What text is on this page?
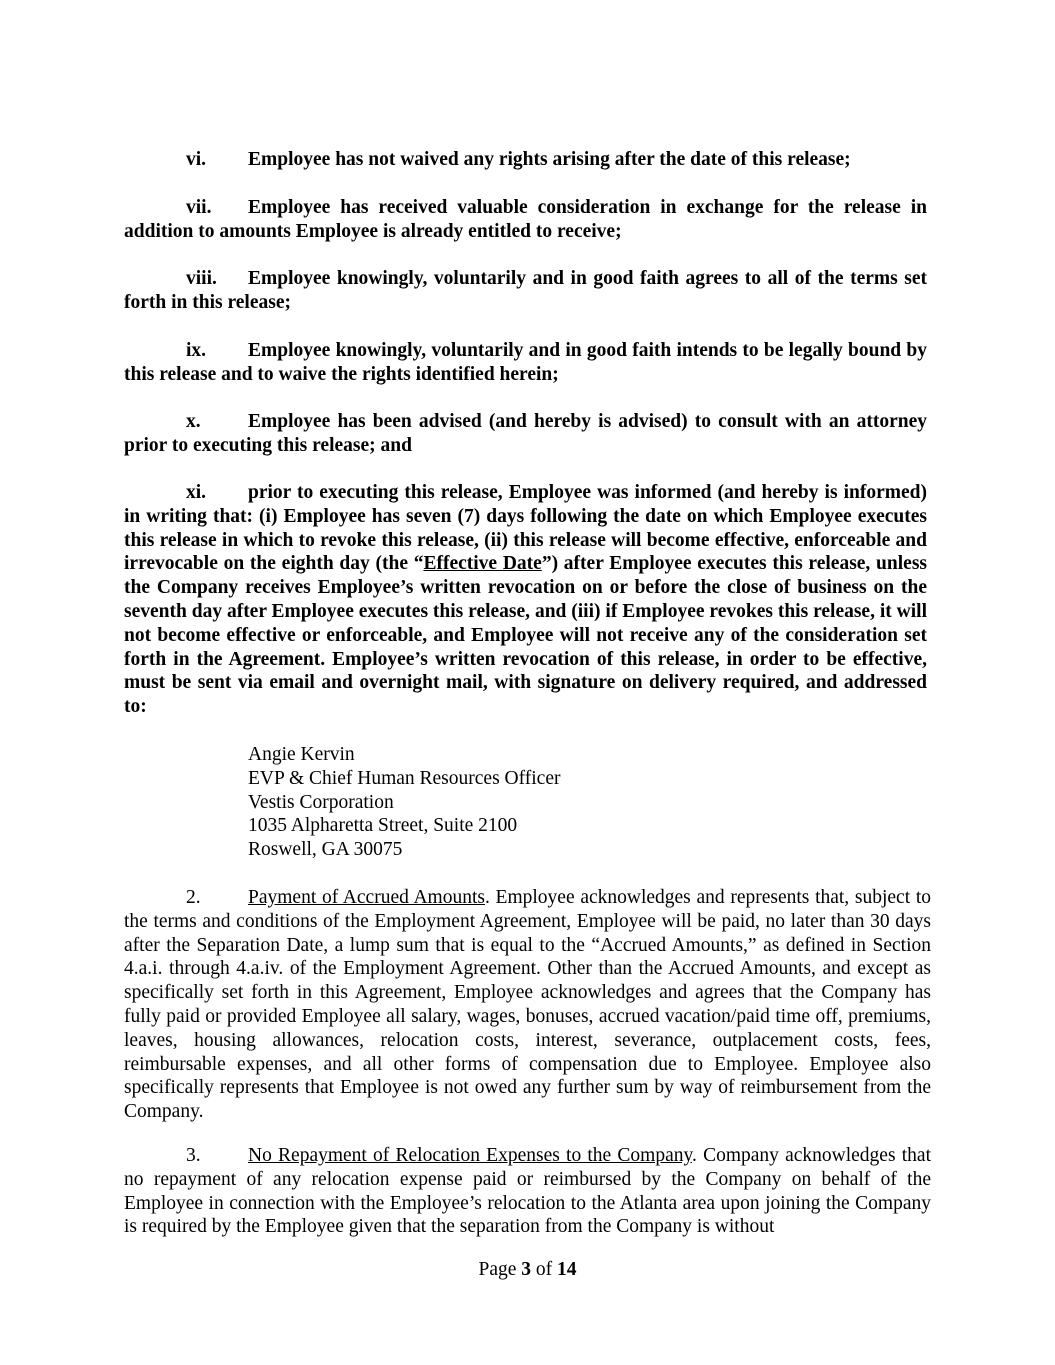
vi. Employee has not waived any rights arising after the date of this release;

vii. Employee has received valuable consideration in exchange for the release in addition to amounts Employee is already entitled to receive;

viii. Employee knowingly, voluntarily and in good faith agrees to all of the terms set forth in this release;

ix. Employee knowingly, voluntarily and in good faith intends to be legally bound by this release and to waive the rights identified herein;

x. Employee has been advised (and hereby is advised) to consult with an attorney prior to executing this release; and

xi. prior to executing this release, Employee was informed (and hereby is informed) in writing that: (i) Employee has seven (7) days following the date on which Employee executes this release in which to revoke this release, (ii) this release will become effective, enforceable and irrevocable on the eighth day (the “Effective Date”) after Employee executes this release, unless the Company receives Employee’s written revocation on or before the close of business on the seventh day after Employee executes this release, and (iii) if Employee revokes this release, it will not become effective or enforceable, and Employee will not receive any of the consideration set forth in the Agreement. Employee’s written revocation of this release, in order to be effective, must be sent via email and overnight mail, with signature on delivery required, and addressed to:

Angie Kervin
EVP & Chief Human Resources Officer
Vestis Corporation
1035 Alpharetta Street, Suite 2100
Roswell, GA 30075

2. Payment of Accrued Amounts. Employee acknowledges and represents that, subject to the terms and conditions of the Employment Agreement, Employee will be paid, no later than 30 days after the Separation Date, a lump sum that is equal to the “Accrued Amounts,” as defined in Section 4.a.i. through 4.a.iv. of the Employment Agreement. Other than the Accrued Amounts, and except as specifically set forth in this Agreement, Employee acknowledges and agrees that the Company has fully paid or provided Employee all salary, wages, bonuses, accrued vacation/paid time off, premiums, leaves, housing allowances, relocation costs, interest, severance, outplacement costs, fees, reimbursable expenses, and all other forms of compensation due to Employee. Employee also specifically represents that Employee is not owed any further sum by way of reimbursement from the Company.

3. No Repayment of Relocation Expenses to the Company. Company acknowledges that no repayment of any relocation expense paid or reimbursed by the Company on behalf of the Employee in connection with the Employee’s relocation to the Atlanta area upon joining the Company is required by the Employee given that the separation from the Company is without

Page 3 of 14
